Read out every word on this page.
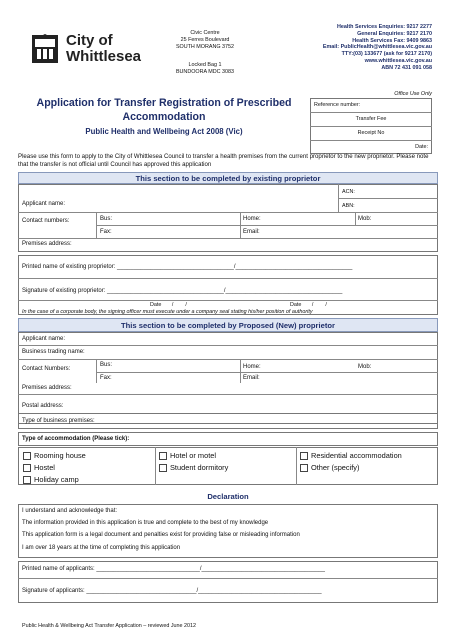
City of
Whittlesea
Civic Centre
25 Ferres Boulevard
SOUTH MORANG 3752
Locked Bag 1
BUNDOORA MDC 3083
Health Services Enquiries: 9217 2277
General Enquiries: 9217 2170
Health Services Fax: 9409 9863
Email: PublicHealth@whittlesea.vic.gov.au
TTY:(03) 133677 (ask for 9217 2170)
www.whittlesea.vic.gov.au
ABN 72 431 091 058
Application for Transfer Registration of Prescribed Accommodation
Public Health and Wellbeing Act 2008 (Vic)
Office Use Only
Reference number:
Transfer Fee
Receipt No
Date:
Please use this form to apply to the City of Whittlesea Council to transfer a health premises from the current proprietor to the new proprietor. Please note that the transfer is not official until Council has approved this application
This section to be completed by existing proprietor
ACN:
ABN:
Applicant name:
Contact numbers:	Bus:	Home:	Mob:
Fax:	Email:
Premises address:
Printed name of existing proprietor: ___________________________________/___________________________________
Signature of existing proprietor: ___________________________________/___________________________________
Date       /        /	Date       /        /
In the case of a corporate body, the signing officer must execute under a company seal stating his/her position of authority
This section to be completed by Proposed (New) proprietor
Applicant name:
Business trading name:
Contact Numbers:
Bus:	Home:	Mob:
Fax:	Email:
Premises address:
Postal address:
Type of business premises:
Type of accommodation (Please tick):
Rooming house	Hotel or motel	Residential accommodation
Hostel	Student dormitory	Other (specify)
Holiday camp
Declaration
I understand and acknowledge that:
The information provided in this application is true and complete to the best of my knowledge
This application form is a legal document and penalties exist for providing false or misleading information
I am over 18 years at the time of completing this application
Printed name of applicants: _______________________________/_____________________________________
Signature of applicants: _________________________________/_____________________________________
Public Health & Wellbeing Act Transfer Application – reviewed June 2012
